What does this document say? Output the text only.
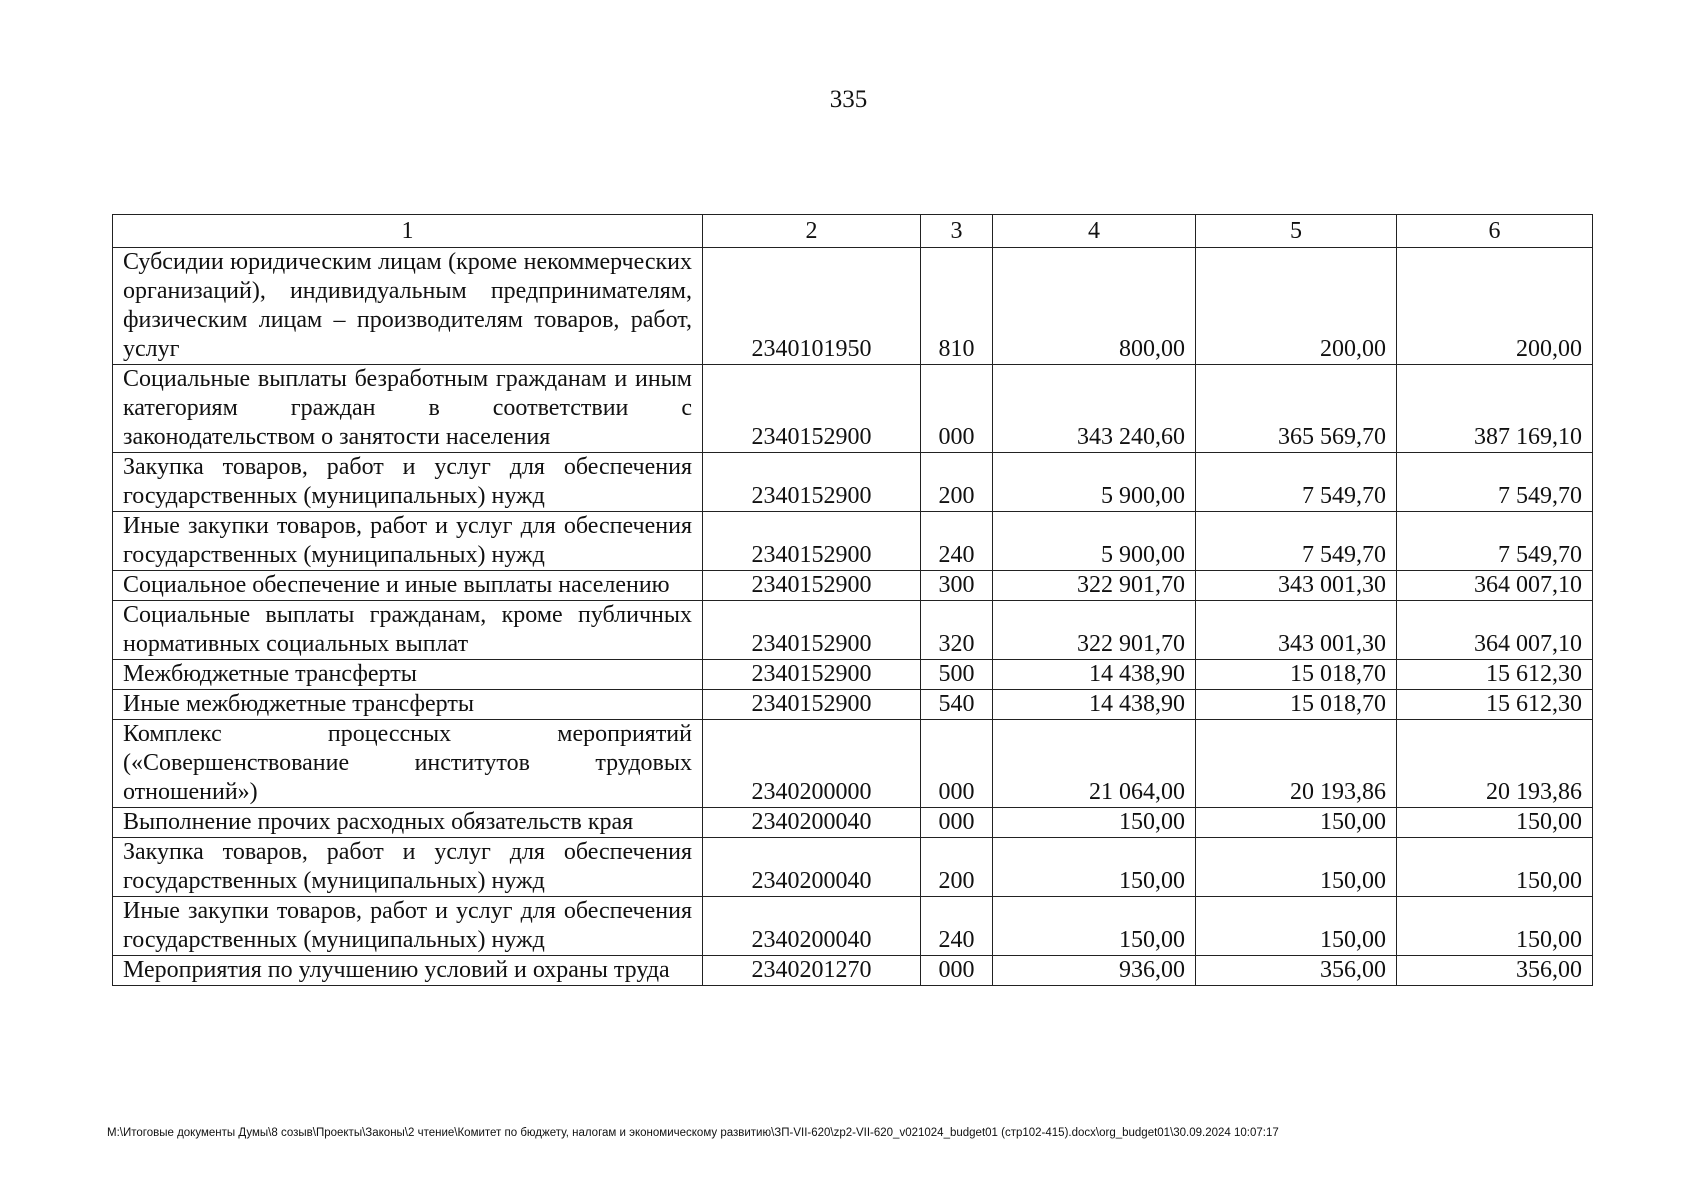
335
1	2	3	4	5	6
Субсидии юридическим лицам (кроме некоммерческих организаций), индивидуальным предпринимателям, физическим лицам – производителям товаров, работ, услуг	2340101950	810	800,00	200,00	200,00
Социальные выплаты безработным гражданам и иным категориям граждан в соответствии с законодательством о занятости населения	2340152900	000	343 240,60	365 569,70	387 169,10
Закупка товаров, работ и услуг для обеспечения государственных (муниципальных) нужд	2340152900	200	5 900,00	7 549,70	7 549,70
Иные закупки товаров, работ и услуг для обеспечения государственных (муниципальных) нужд	2340152900	240	5 900,00	7 549,70	7 549,70
Социальное обеспечение и иные выплаты населению	2340152900	300	322 901,70	343 001,30	364 007,10
Социальные выплаты гражданам, кроме публичных нормативных социальных выплат	2340152900	320	322 901,70	343 001,30	364 007,10
Межбюджетные трансферты	2340152900	500	14 438,90	15 018,70	15 612,30
Иные межбюджетные трансферты	2340152900	540	14 438,90	15 018,70	15 612,30
Комплекс процессных мероприятий («Совершенствование институтов трудовых отношений»)	2340200000	000	21 064,00	20 193,86	20 193,86
Выполнение прочих расходных обязательств края	2340200040	000	150,00	150,00	150,00
Закупка товаров, работ и услуг для обеспечения государственных (муниципальных) нужд	2340200040	200	150,00	150,00	150,00
Иные закупки товаров, работ и услуг для обеспечения государственных (муниципальных) нужд	2340200040	240	150,00	150,00	150,00
Мероприятия по улучшению условий и охраны труда	2340201270	000	936,00	356,00	356,00
М:\Итоговые документы Думы\8 созыв\Проекты\Законы\2 чтение\Комитет по бюджету, налогам и экономическому развитию\ЗП-VII-620\zp2-VII-620_v021024_budget01 (стр102-415).docx\org_budget01\30.09.2024 10:07:17
